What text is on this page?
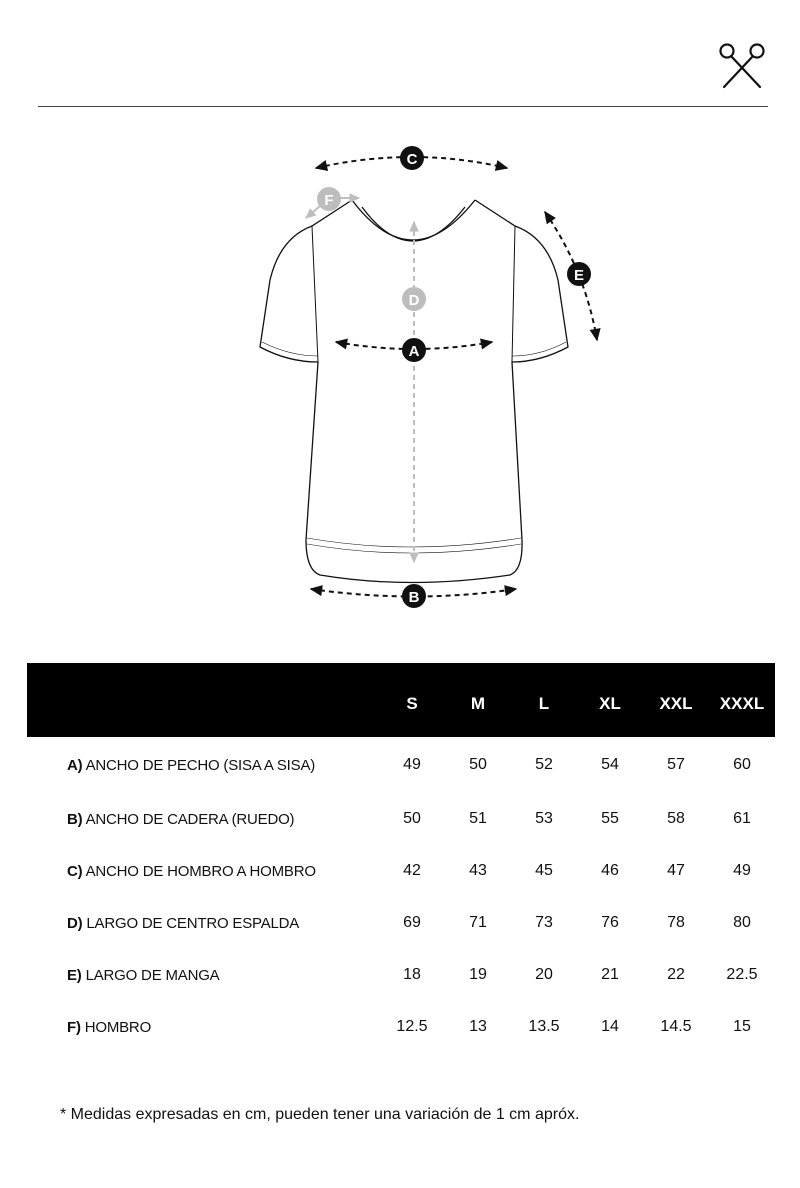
A
B
C
D
E
F
	S	M	L	XL	XXL	XXXL
A) ANCHO DE PECHO (SISA A SISA)	49	50	52	54	57	60
B) ANCHO DE CADERA (RUEDO)	50	51	53	55	58	61
C) ANCHO DE HOMBRO A HOMBRO	42	43	45	46	47	49
D) LARGO DE CENTRO ESPALDA	69	71	73	76	78	80
E) LARGO DE MANGA	18	19	20	21	22	22.5
F) HOMBRO	12.5	13	13.5	14	14.5	15
* Medidas expresadas en cm, pueden tener una variación de 1 cm apróx.
